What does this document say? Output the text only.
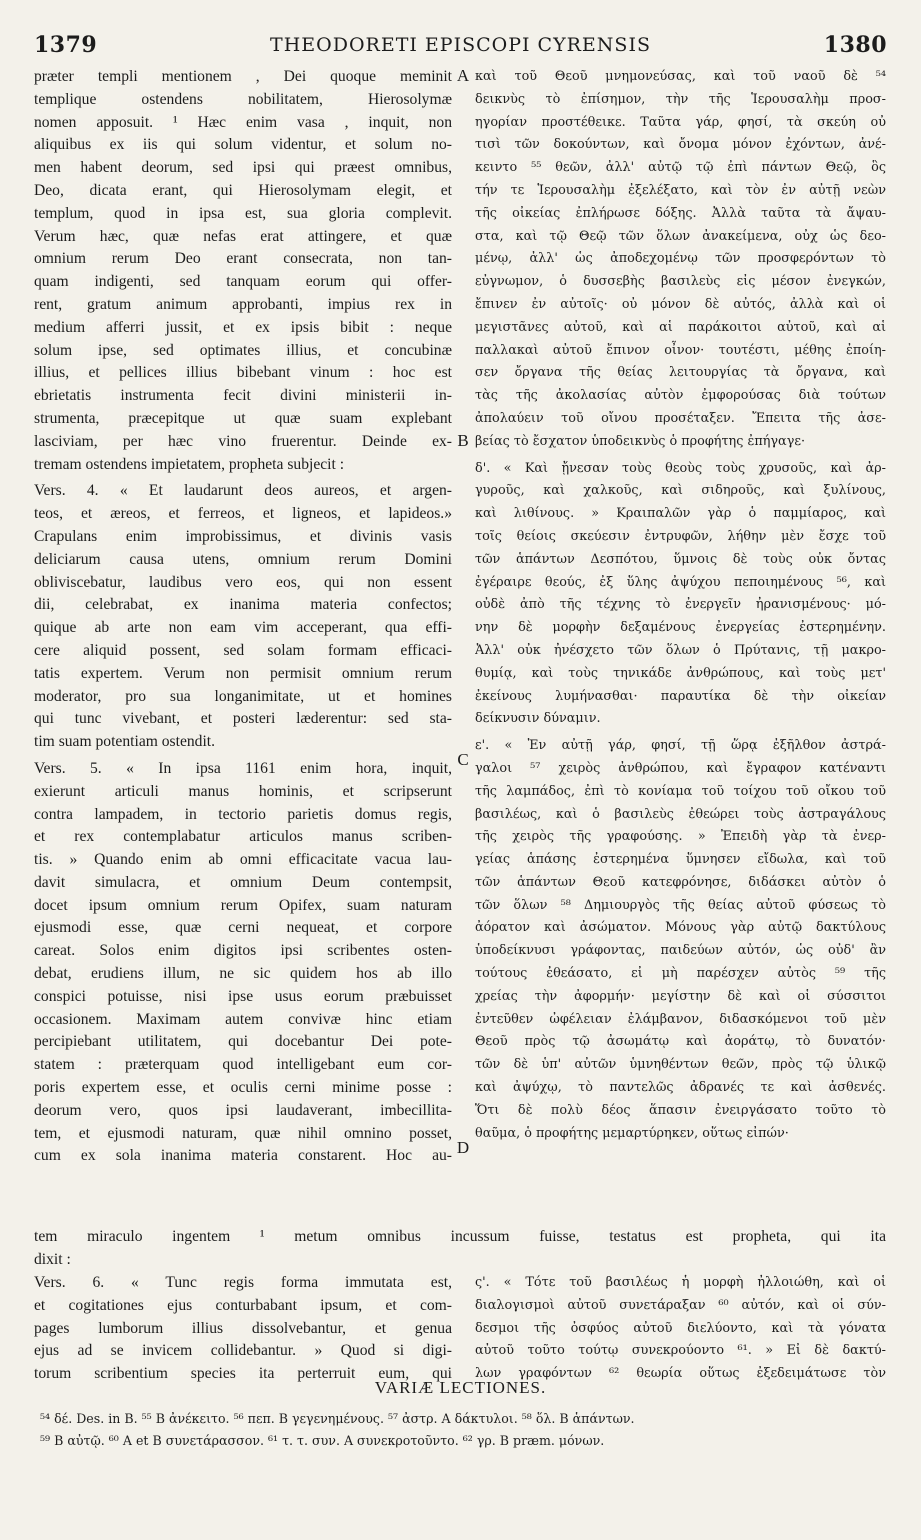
1379	THEODORETI EPISCOPI CYRENSIS	1380
præter templi mentionem , Dei quoque meminit
templique ostendens nobilitatem, Hierosolymæ
nomen apposuit. ¹ Hæc enim vasa , inquit, non
aliquibus ex iis qui solum videntur, et solum no-
men habent deorum, sed ipsi qui præest omnibus,
Deo, dicata erant, qui Hierosolymam elegit, et
templum, quod in ipsa est, sua gloria complevit.
Verum hæc, quæ nefas erat attingere, et quæ
omnium rerum Deo erant consecrata, non tan-
quam indigenti, sed tanquam eorum qui offer-
rent, gratum animum approbanti, impius rex in
medium afferri jussit, et ex ipsis bibit : neque
solum ipse, sed optimates illius, et concubinæ
illius, et pellices illius bibebant vinum : hoc est
ebrietatis instrumenta fecit divini ministerii in-
strumenta, præcepitque ut quæ suam explebant
lasciviam, per hæc vino fruerentur. Deinde ex-
tremam ostendens impietatem, propheta subjecit :
Vers. 4. « Et laudarunt deos aureos, et argen-
teos, et æreos, et ferreos, et ligneos, et lapideos.»
Crapulans enim improbissimus, et divinis vasis
deliciarum causa utens, omnium rerum Domini
obliviscebatur, laudibus vero eos, qui non essent
dii, celebrabat, ex inanima materia confectos;
quique ab arte non eam vim acceperant, qua effi-
cere aliquid possent, sed solam formam efficaci-
tatis expertem. Verum non permisit omnium rerum
moderator, pro sua longanimitate, ut et homines
qui tunc vivebant, et posteri læderentur: sed sta-
tim suam potentiam ostendit.
Vers. 5. « In ipsa 1161 enim hora, inquit,
exierunt articuli manus hominis, et scripserunt
contra lampadem, in tectorio parietis domus regis,
et rex contemplabatur articulos manus scriben-
tis. » Quando enim ab omni efficacitate vacua lau-
davit simulacra, et omnium Deum contempsit,
docet ipsum omnium rerum Opifex, suam naturam
ejusmodi esse, quæ cerni nequeat, et corpore
careat. Solos enim digitos ipsi scribentes osten-
debat, erudiens illum, ne sic quidem hos ab illo
conspici potuisse, nisi ipse usus eorum præbuisset
occasionem. Maximam autem convivæ hinc etiam
percipiebant utilitatem, qui docebantur Dei pote-
statem : præterquam quod intelligebant eum cor-
poris expertem esse, et oculis cerni minime posse :
deorum vero, quos ipsi laudaverant, imbecillita-
tem, et ejusmodi naturam, quæ nihil omnino posset,
cum ex sola inanima materia constarent. Hoc au-
καὶ τοῦ Θεοῦ μνημονεύσας, καὶ τοῦ ναοῦ δὲ ⁵⁴
δεικνὺς τὸ ἐπίσημον, τὴν τῆς Ἱερουσαλὴμ προσ-
ηγορίαν προστέθεικε. Ταῦτα γάρ, φησί, τὰ σκεύη οὐ
τισὶ τῶν δοκούντων, καὶ ὄνομα μόνον ἐχόντων, ἀνέ-
κειντο ⁵⁵ θεῶν, ἀλλ' αὐτῷ τῷ ἐπὶ πάντων Θεῷ, ὃς
τήν τε Ἱερουσαλὴμ ἐξελέξατο, καὶ τὸν ἐν αὐτῇ νεὼν
τῆς οἰκείας ἐπλήρωσε δόξης. Ἀλλὰ ταῦτα τὰ ἄψαυ-
στα, καὶ τῷ Θεῷ τῶν ὅλων ἀνακείμενα, οὐχ ὡς δεο-
μένῳ, ἀλλ' ὡς ἀποδεχομένῳ τῶν προσφερόντων τὸ
εὐγνωμον, ὁ δυσσεβὴς βασιλεὺς εἰς μέσον ἐνεγκών,
ἔπινεν ἐν αὐτοῖς· οὐ μόνον δὲ αὐτός, ἀλλὰ καὶ οἱ
μεγιστᾶνες αὐτοῦ, καὶ αἱ παράκοιτοι αὐτοῦ, καὶ αἱ
παλλακαὶ αὐτοῦ ἔπινον οἶνον· τουτέστι, μέθης ἐποίη-
σεν ὄργανα τῆς θείας λειτουργίας τὰ ὄργανα, καὶ
τὰς τῆς ἀκολασίας αὐτὸν ἐμφορούσας διὰ τούτων
ἀπολαύειν τοῦ οἴνου προσέταξεν. Ἔπειτα τῆς ἀσε-
βείας τὸ ἔσχατον ὑποδεικνὺς ὁ προφήτης ἐπήγαγε·
δ'. « Καὶ ᾔνεσαν τοὺς θεοὺς τοὺς χρυσοῦς, καὶ ἀρ-
γυροῦς, καὶ χαλκοῦς, καὶ σιδηροῦς, καὶ ξυλίνους,
καὶ λιθίνους. » Κραιπαλῶν γὰρ ὁ παμμίαρος, καὶ
τοῖς θείοις σκεύεσιν ἐντρυφῶν, λήθην μὲν ἔσχε τοῦ
τῶν ἁπάντων Δεσπότου, ὕμνοις δὲ τοὺς οὐκ ὄντας
ἐγέραιρε θεούς, ἐξ ὕλης ἀψύχου πεποιημένους ⁵⁶, καὶ
οὐδὲ ἀπὸ τῆς τέχνης τὸ ἐνεργεῖν ἠρανισμένους· μό-
νην δὲ μορφὴν δεξαμένους ἐνεργείας ἐστερημένην.
Ἀλλ' οὐκ ἠνέσχετο τῶν ὅλων ὁ Πρύτανις, τῇ μακρο-
θυμίᾳ, καὶ τοὺς τηνικάδε ἀνθρώπους, καὶ τοὺς μετ'
ἐκείνους λυμήνασθαι· παραυτίκα δὲ τὴν οἰκείαν
δείκνυσιν δύναμιν.
ε'. « Ἐν αὐτῇ γάρ, φησί, τῇ ὥρᾳ ἐξῆλθον ἀστρά-
γαλοι ⁵⁷ χειρὸς ἀνθρώπου, καὶ ἔγραφον κατέναντι
τῆς λαμπάδος, ἐπὶ τὸ κονίαμα τοῦ τοίχου τοῦ οἴκου τοῦ
βασιλέως, καὶ ὁ βασιλεὺς ἐθεώρει τοὺς ἀστραγάλους
τῆς χειρὸς τῆς γραφούσης. » Ἐπειδὴ γὰρ τὰ ἐνερ-
γείας ἁπάσης ἐστερημένα ὕμνησεν εἴδωλα, καὶ τοῦ
τῶν ἁπάντων Θεοῦ κατεφρόνησε, διδάσκει αὐτὸν ὁ
τῶν ὅλων ⁵⁸ Δημιουργὸς τῆς θείας αὐτοῦ φύσεως τὸ
ἀόρατον καὶ ἀσώματον. Μόνους γὰρ αὐτῷ δακτύλους
ὑποδείκνυσι γράφοντας, παιδεύων αὐτόν, ὡς οὐδ' ἂν
τούτους ἐθεάσατο, εἰ μὴ παρέσχεν αὐτὸς ⁵⁹ τῆς
χρείας τὴν ἀφορμήν· μεγίστην δὲ καὶ οἱ σύσσιτοι
ἐντεῦθεν ὠφέλειαν ἐλάμβανον, διδασκόμενοι τοῦ μὲν
Θεοῦ πρὸς τῷ ἀσωμάτῳ καὶ ἀοράτῳ, τὸ δυνατόν·
τῶν δὲ ὑπ' αὐτῶν ὑμνηθέντων θεῶν, πρὸς τῷ ὑλικῷ
καὶ ἀψύχῳ, τὸ παντελῶς ἀδρανές τε καὶ ἀσθενές.
Ὅτι δὲ πολὺ δέος ἅπασιν ἐνειργάσατο τοῦτο τὸ
θαῦμα, ὁ προφήτης μεμαρτύρηκεν, οὕτως εἰπών·
A
B
C
D
tem miraculo ingentem ¹ metum omnibus incussum fuisse, testatus est propheta, qui ita
dixit :
Vers. 6. « Tunc regis forma immutata est,
et cogitationes ejus conturbabant ipsum, et com-
pages lumborum illius dissolvebantur, et genua
ejus ad se invicem collidebantur. » Quod si digi-
torum scribentium species ita perterruit eum, qui
ς'. « Τότε τοῦ βασιλέως ἡ μορφὴ ἠλλοιώθη, καὶ οἱ
διαλογισμοὶ αὐτοῦ συνετάραξαν ⁶⁰ αὐτόν, καὶ οἱ σύν-
δεσμοι τῆς ὀσφύος αὐτοῦ διελύοντο, καὶ τὰ γόνατα
αὐτοῦ τοῦτο τούτῳ συνεκρούοντο ⁶¹. » Εἰ δὲ δακτύ-
λων γραφόντων ⁶² θεωρία οὕτως ἐξεδειμάτωσε τὸν
VARIÆ LECTIONES.
⁵⁴ δέ. Des. in B. ⁵⁵ B ἀνέκειτο. ⁵⁶ πεπ. B γεγενημένους. ⁵⁷ ἀστρ. A δάκτυλοι. ⁵⁸ ὅλ. B ἁπάντων.
⁵⁹ B αὐτῷ. ⁶⁰ A et B συνετάρασσον. ⁶¹ τ. τ. συν. A συνεκροτοῦντο. ⁶² γρ. B præm. μόνων.
